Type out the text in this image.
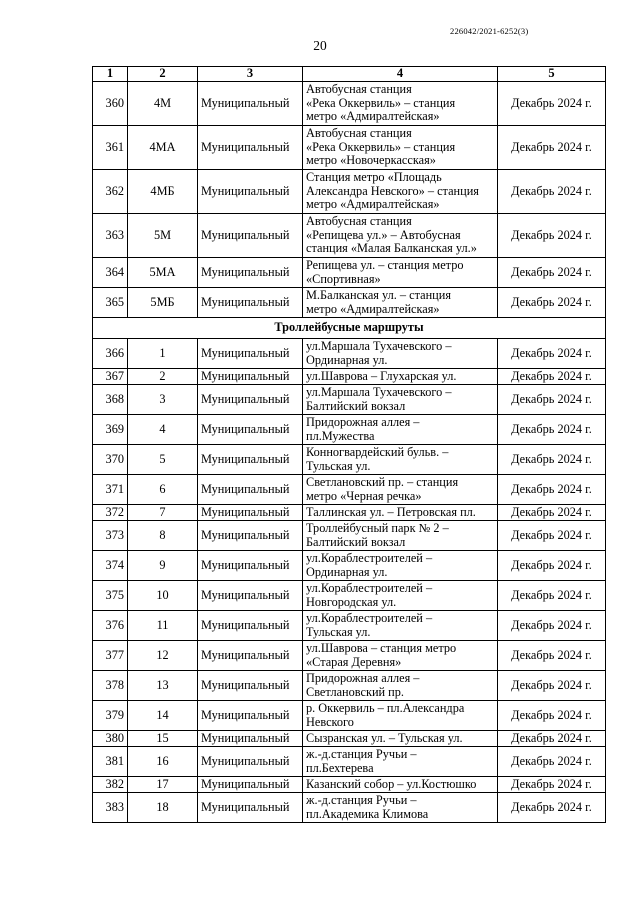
226042/2021-6252(3)
20
1	2	3	4	5
360	4М	Муниципальный	Автобусная станция
«Река Оккервиль» – станция
метро «Адмиралтейская»	Декабрь 2024 г.
361	4МА	Муниципальный	Автобусная станция
«Река Оккервиль» – станция
метро «Новочеркасская»	Декабрь 2024 г.
362	4МБ	Муниципальный	Станция метро «Площадь
Александра Невского» – станция
метро «Адмиралтейская»	Декабрь 2024 г.
363	5М	Муниципальный	Автобусная станция
«Репищева ул.» – Автобусная
станция «Малая Балканская ул.»	Декабрь 2024 г.
364	5МА	Муниципальный	Репищева ул. – станция метро
«Спортивная»	Декабрь 2024 г.
365	5МБ	Муниципальный	М.Балканская ул. – станция
метро «Адмиралтейская»	Декабрь 2024 г.
Троллейбусные маршруты				
366	1	Муниципальный	ул.Маршала Тухачевского –
Ординарная ул.	Декабрь 2024 г.
367	2	Муниципальный	ул.Шаврова – Глухарская ул.	Декабрь 2024 г.
368	3	Муниципальный	ул.Маршала Тухачевского –
Балтийский вокзал	Декабрь 2024 г.
369	4	Муниципальный	Придорожная аллея –
пл.Мужества	Декабрь 2024 г.
370	5	Муниципальный	Конногвардейский бульв. –
Тульская ул.	Декабрь 2024 г.
371	6	Муниципальный	Светлановский пр. – станция
метро «Черная речка»	Декабрь 2024 г.
372	7	Муниципальный	Таллинская ул. – Петровская пл.	Декабрь 2024 г.
373	8	Муниципальный	Троллейбусный парк № 2 –
Балтийский вокзал	Декабрь 2024 г.
374	9	Муниципальный	ул.Кораблестроителей –
Ординарная ул.	Декабрь 2024 г.
375	10	Муниципальный	ул.Кораблестроителей –
Новгородская ул.	Декабрь 2024 г.
376	11	Муниципальный	ул.Кораблестроителей –
Тульская ул.	Декабрь 2024 г.
377	12	Муниципальный	ул.Шаврова – станция метро
«Старая Деревня»	Декабрь 2024 г.
378	13	Муниципальный	Придорожная аллея –
Светлановский пр.	Декабрь 2024 г.
379	14	Муниципальный	р. Оккервиль – пл.Александра
Невского	Декабрь 2024 г.
380	15	Муниципальный	Сызранская ул. – Тульская ул.	Декабрь 2024 г.
381	16	Муниципальный	ж.-д.станция Ручьи –
пл.Бехтерева	Декабрь 2024 г.
382	17	Муниципальный	Казанский собор – ул.Костюшко	Декабрь 2024 г.
383	18	Муниципальный	ж.-д.станция Ручьи –
пл.Академика Климова	Декабрь 2024 г.
